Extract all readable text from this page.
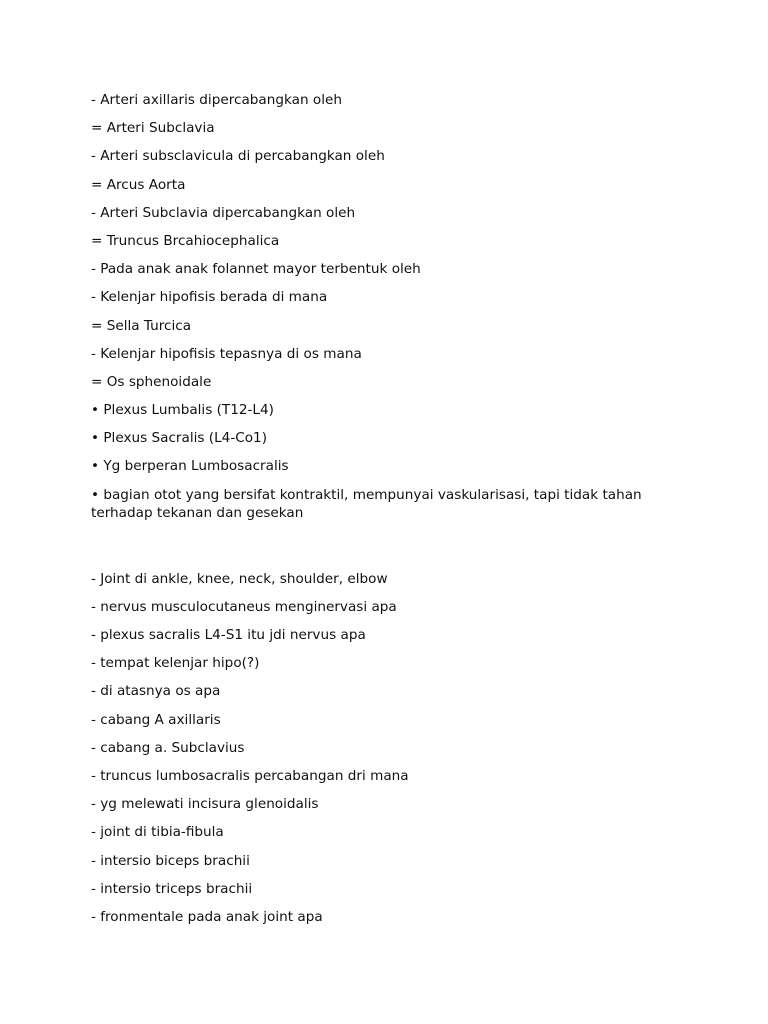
- Arteri axillaris dipercabangkan oleh
= Arteri Subclavia
- Arteri subsclavicula di percabangkan oleh
= Arcus Aorta
- Arteri Subclavia dipercabangkan oleh
= Truncus Brcahiocephalica
- Pada anak anak folannet mayor terbentuk oleh
- Kelenjar hipofisis berada di mana
= Sella Turcica
- Kelenjar hipofisis tepasnya di os mana
= Os sphenoidale
• Plexus Lumbalis (T12-L4)
• Plexus Sacralis (L4-Co1)
• Yg berperan Lumbosacralis
• bagian otot yang bersifat kontraktil, mempunyai vaskularisasi, tapi tidak tahan terhadap tekanan dan gesekan
- Joint di ankle, knee, neck, shoulder, elbow
- nervus musculocutaneus menginervasi apa
- plexus sacralis L4-S1 itu jdi nervus apa
- tempat kelenjar hipo(?)
- di atasnya os apa
- cabang A axillaris
- cabang a. Subclavius
- truncus lumbosacralis percabangan dri mana
- yg melewati incisura glenoidalis
- joint di tibia-fibula
- intersio biceps brachii
- intersio triceps brachii
- fronmentale pada anak joint apa
